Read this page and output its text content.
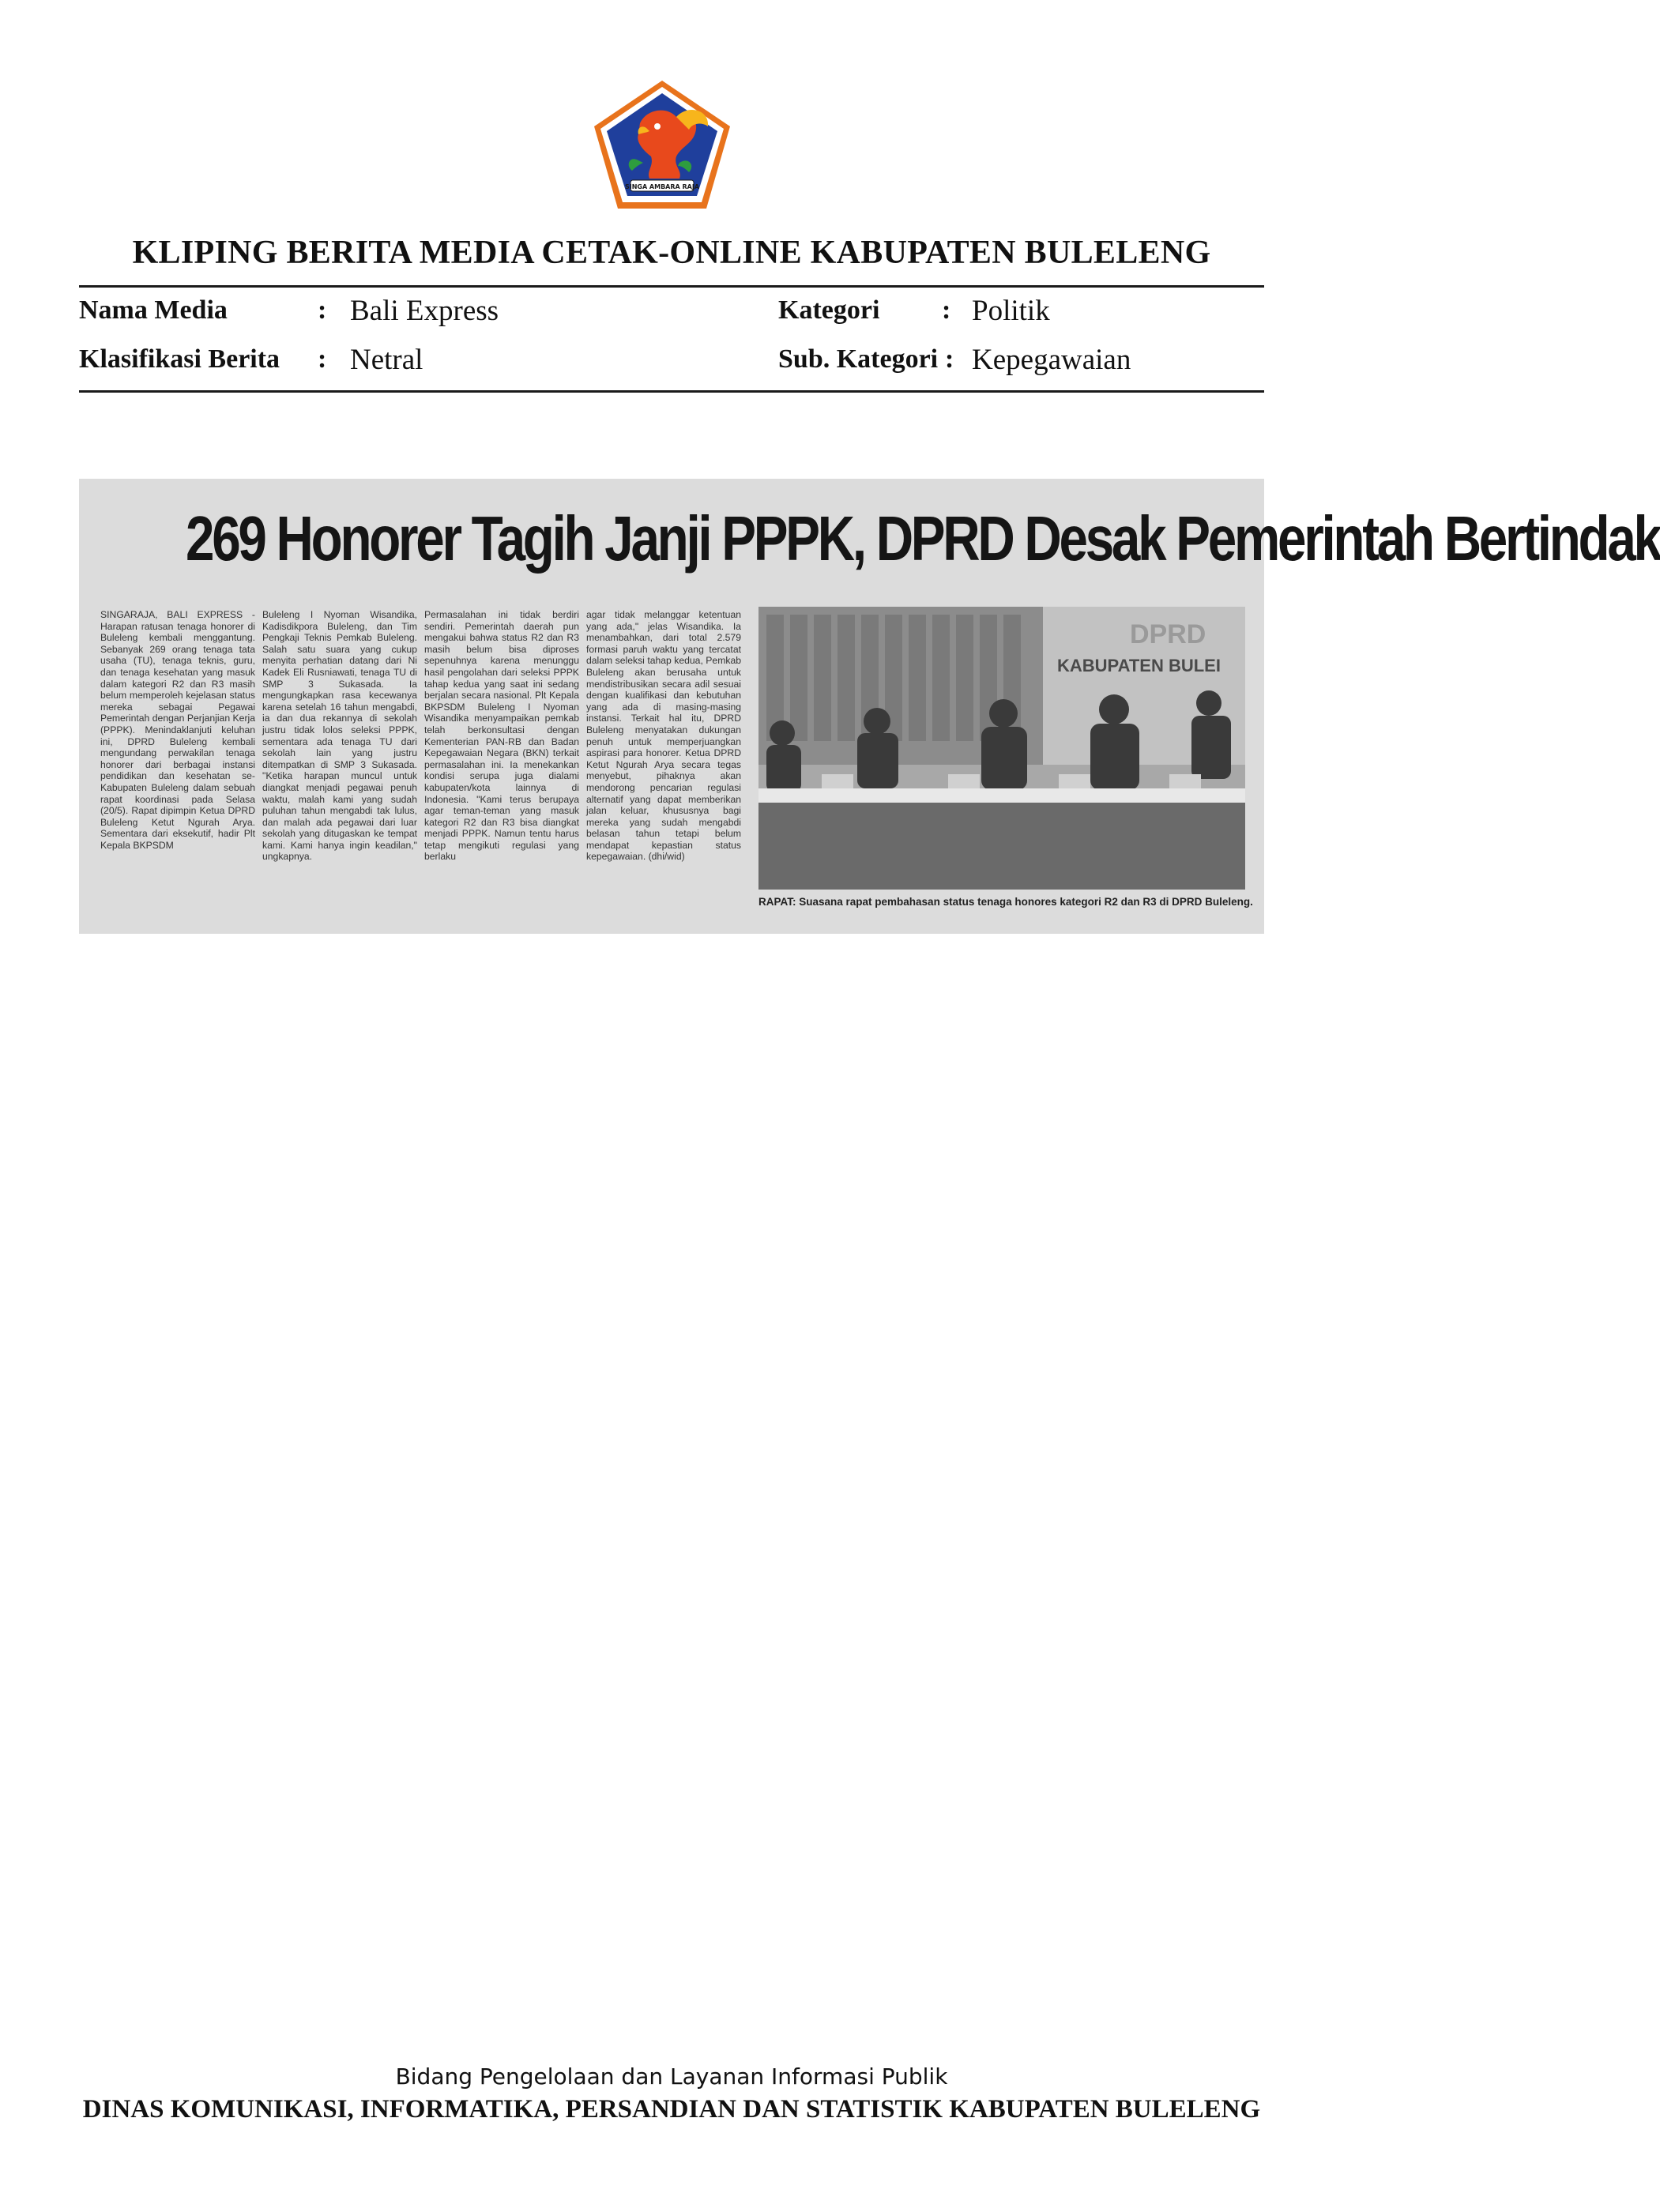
SINGA AMBARA RAJA
KLIPING BERITA MEDIA CETAK-ONLINE KABUPATEN BULELENG
Nama Media	: Bali Express
Klasifikasi Berita : Netral
Kategori : Politik
Sub. Kategori : Kepegawaian
269 Honorer Tagih Janji PPPK, DPRD Desak Pemerintah Bertindak
SINGARAJA, BALI EXPRESS - Harapan ratusan tenaga honorer di Buleleng kembali menggantung. Sebanyak 269 orang tenaga tata usaha (TU), tenaga teknis, guru, dan tenaga kesehatan yang masuk dalam kategori R2 dan R3 masih belum memperoleh kejelasan status mereka sebagai Pegawai Pemerintah dengan Perjanjian Kerja (PPPK). Menindaklanjuti keluhan ini, DPRD Buleleng kembali mengundang perwakilan tenaga honorer dari berbagai instansi pendidikan dan kesehatan se-Kabupaten Buleleng dalam sebuah rapat koordinasi pada Selasa (20/5). Rapat dipimpin Ketua DPRD Buleleng Ketut Ngurah Arya. Sementara dari eksekutif, hadir Plt Kepala BKPSDM
Buleleng I Nyoman Wisandika, Kadisdikpora Buleleng, dan Tim Pengkaji Teknis Pemkab Buleleng. Salah satu suara yang cukup menyita perhatian datang dari Ni Kadek Eli Rusniawati, tenaga TU di SMP 3 Sukasada. Ia mengungkapkan rasa kecewanya karena setelah 16 tahun mengabdi, ia dan dua rekannya di sekolah justru tidak lolos seleksi PPPK, sementara ada tenaga TU dari sekolah lain yang justru ditempatkan di SMP 3 Sukasada. "Ketika harapan muncul untuk diangkat menjadi pegawai penuh waktu, malah kami yang sudah puluhan tahun mengabdi tak lulus, dan malah ada pegawai dari luar sekolah yang ditugaskan ke tempat kami. Kami hanya ingin keadilan," ungkapnya.
Permasalahan ini tidak berdiri sendiri. Pemerintah daerah pun mengakui bahwa status R2 dan R3 masih belum bisa diproses sepenuhnya karena menunggu hasil pengolahan dari seleksi PPPK tahap kedua yang saat ini sedang berjalan secara nasional. Plt Kepala BKPSDM Buleleng I Nyoman Wisandika menyampaikan pemkab telah berkonsultasi dengan Kementerian PAN-RB dan Badan Kepegawaian Negara (BKN) terkait permasalahan ini. Ia menekankan kondisi serupa juga dialami kabupaten/kota lainnya di Indonesia. "Kami terus berupaya agar teman-teman yang masuk kategori R2 dan R3 bisa diangkat menjadi PPPK. Namun tentu harus tetap mengikuti regulasi yang berlaku
agar tidak melanggar ketentuan yang ada," jelas Wisandika. Ia menambahkan, dari total 2.579 formasi paruh waktu yang tercatat dalam seleksi tahap kedua, Pemkab Buleleng akan berusaha untuk mendistribusikan secara adil sesuai dengan kualifikasi dan kebutuhan yang ada di masing-masing instansi. Terkait hal itu, DPRD Buleleng menyatakan dukungan penuh untuk memperjuangkan aspirasi para honorer. Ketua DPRD Ketut Ngurah Arya secara tegas menyebut, pihaknya akan mendorong pencarian regulasi alternatif yang dapat memberikan jalan keluar, khususnya bagi mereka yang sudah mengabdi belasan tahun tetapi belum mendapat kepastian status kepegawaian. (dhi/wid)
DPRD
KABUPATEN BULEI
RAPAT: Suasana rapat pembahasan status tenaga honores kategori R2 dan R3 di DPRD Buleleng.
Bidang Pengelolaan dan Layanan Informasi Publik
DINAS KOMUNIKASI, INFORMATIKA, PERSANDIAN DAN STATISTIK KABUPATEN BULELENG
